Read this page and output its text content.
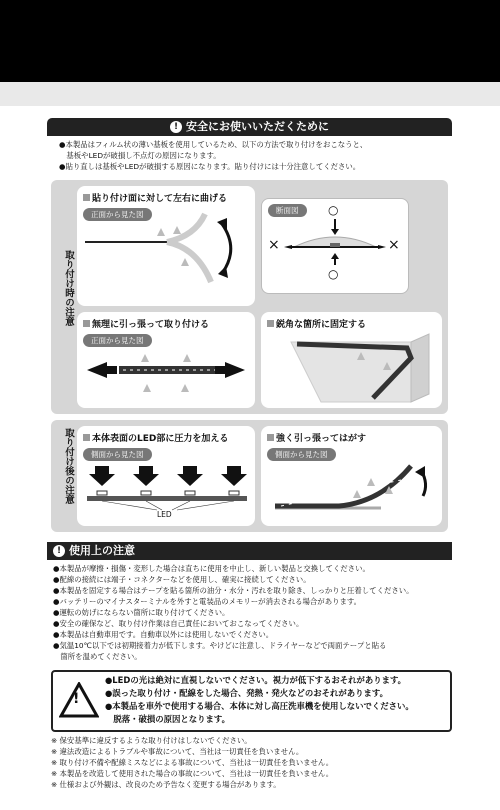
! 安全にお使いいただくために
●本製品はフィルム状の薄い基板を使用しているため、以下の方法で取り付けをおこなうと、
　基板やLEDが破損し不点灯の原因になります。
●貼り直しは基板やLEDが破損する原因になります。貼り付けには十分注意してください。
取り付け時の注意
貼り付け面に対して左右に曲げる
正面から見た図	断面図
×	×
○
○
無理に引っ張って取り付ける
正面から見た図
鋭角な箇所に固定する
取り付け後の注意	本体表面のLED部に圧力を加える
側面から見た図
LED
強く引っ張ってはがす
側面から見た図
! 使用上の注意
●本製品が摩擦・損傷・変形した場合は直ちに使用を中止し、新しい製品と交換してください。
●配線の接続には端子・コネクターなどを使用し、確実に接続してください。
●本製品を固定する場合はテープを貼る箇所の油分・水分・汚れを取り除き、しっかりと圧着してください。
●バッテリーのマイナスターミナルを外すと電装品のメモリーが消去される場合があります。
●運転の妨げにならない箇所に取り付けてください。
●安全の確保など、取り付け作業は自己責任においておこなってください。
●本製品は自動車用です。自動車以外には使用しないでください。
●気温10℃以下では初期接着力が低下します。やけどに注意し、ドライヤーなどで両面テープと貼る
　箇所を温めてください。
!
●LEDの光は絶対に直視しないでください。視力が低下するおそれがあります。
●誤った取り付け・配線をした場合、発熱・発火などのおそれがあります。
●本製品を車外で使用する場合、本体に対し高圧洗車機を使用しないでください。
　脱落・破損の原因となります。
※ 保安基準に違反するような取り付けはしないでください。
※ 違法改造によるトラブルや事故について、当社は一切責任を負いません。
※ 取り付け不備や配線ミスなどによる事故について、当社は一切責任を負いません。
※ 本製品を改造して使用された場合の事故について、当社は一切責任を負いません。
※ 仕様および外観は、改良のため予告なく変更する場合があります。
